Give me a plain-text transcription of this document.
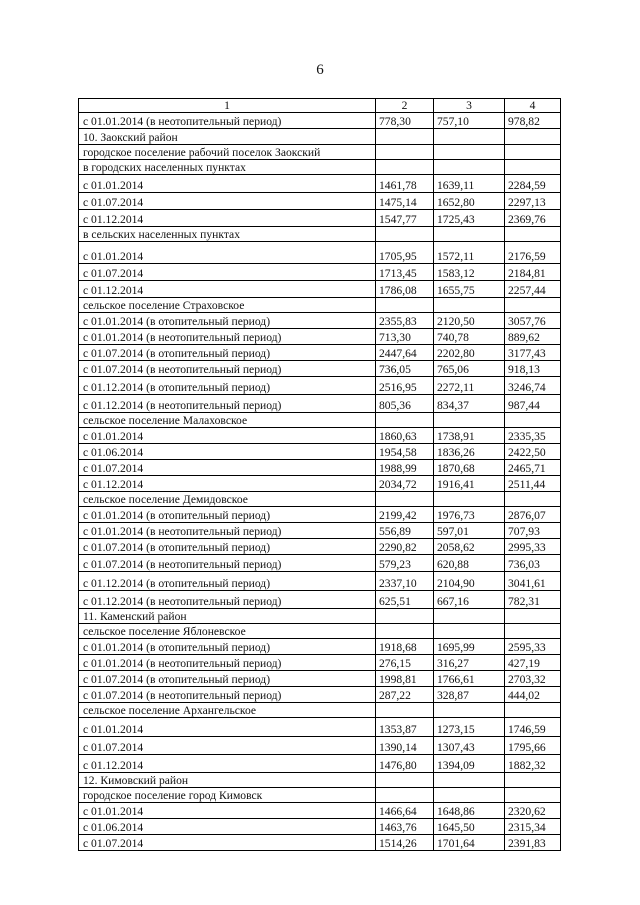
6
1	2	3	4
с 01.01.2014 (в неотопительный период)	778,30	757,10	978,82
10. Заокский район			
городское поселение рабочий поселок Заокский			
в городских населенных пунктах			
с 01.01.2014	1461,78	1639,11	2284,59
с 01.07.2014	1475,14	1652,80	2297,13
с 01.12.2014	1547,77	1725,43	2369,76
в сельских населенных пунктах			
с 01.01.2014	1705,95	1572,11	2176,59
с 01.07.2014	1713,45	1583,12	2184,81
с 01.12.2014	1786,08	1655,75	2257,44
сельское поселение Страховское			
с 01.01.2014 (в отопительный период)	2355,83	2120,50	3057,76
с 01.01.2014 (в неотопительный период)	713,30	740,78	889,62
с 01.07.2014 (в отопительный период)	2447,64	2202,80	3177,43
с 01.07.2014 (в неотопительный период)	736,05	765,06	918,13
с 01.12.2014 (в отопительный период)	2516,95	2272,11	3246,74
с 01.12.2014 (в неотопительный период)	805,36	834,37	987,44
сельское поселение Малаховское			
с 01.01.2014	1860,63	1738,91	2335,35
с 01.06.2014	1954,58	1836,26	2422,50
с 01.07.2014	1988,99	1870,68	2465,71
с 01.12.2014	2034,72	1916,41	2511,44
сельское поселение Демидовское			
с 01.01.2014 (в отопительный период)	2199,42	1976,73	2876,07
с 01.01.2014 (в неотопительный период)	556,89	597,01	707,93
с 01.07.2014 (в отопительный период)	2290,82	2058,62	2995,33
с 01.07.2014 (в неотопительный период)	579,23	620,88	736,03
с 01.12.2014 (в отопительный период)	2337,10	2104,90	3041,61
с 01.12.2014 (в неотопительный период)	625,51	667,16	782,31
11. Каменский район			
сельское поселение Яблоневское			
с 01.01.2014 (в отопительный период)	1918,68	1695,99	2595,33
с 01.01.2014 (в неотопительный период)	276,15	316,27	427,19
с 01.07.2014 (в отопительный период)	1998,81	1766,61	2703,32
с 01.07.2014 (в неотопительный период)	287,22	328,87	444,02
сельское поселение Архангельское			
с 01.01.2014	1353,87	1273,15	1746,59
с 01.07.2014	1390,14	1307,43	1795,66
с 01.12.2014	1476,80	1394,09	1882,32
12. Кимовский район			
городское поселение город Кимовск			
с 01.01.2014	1466,64	1648,86	2320,62
с 01.06.2014	1463,76	1645,50	2315,34
с 01.07.2014	1514,26	1701,64	2391,83
